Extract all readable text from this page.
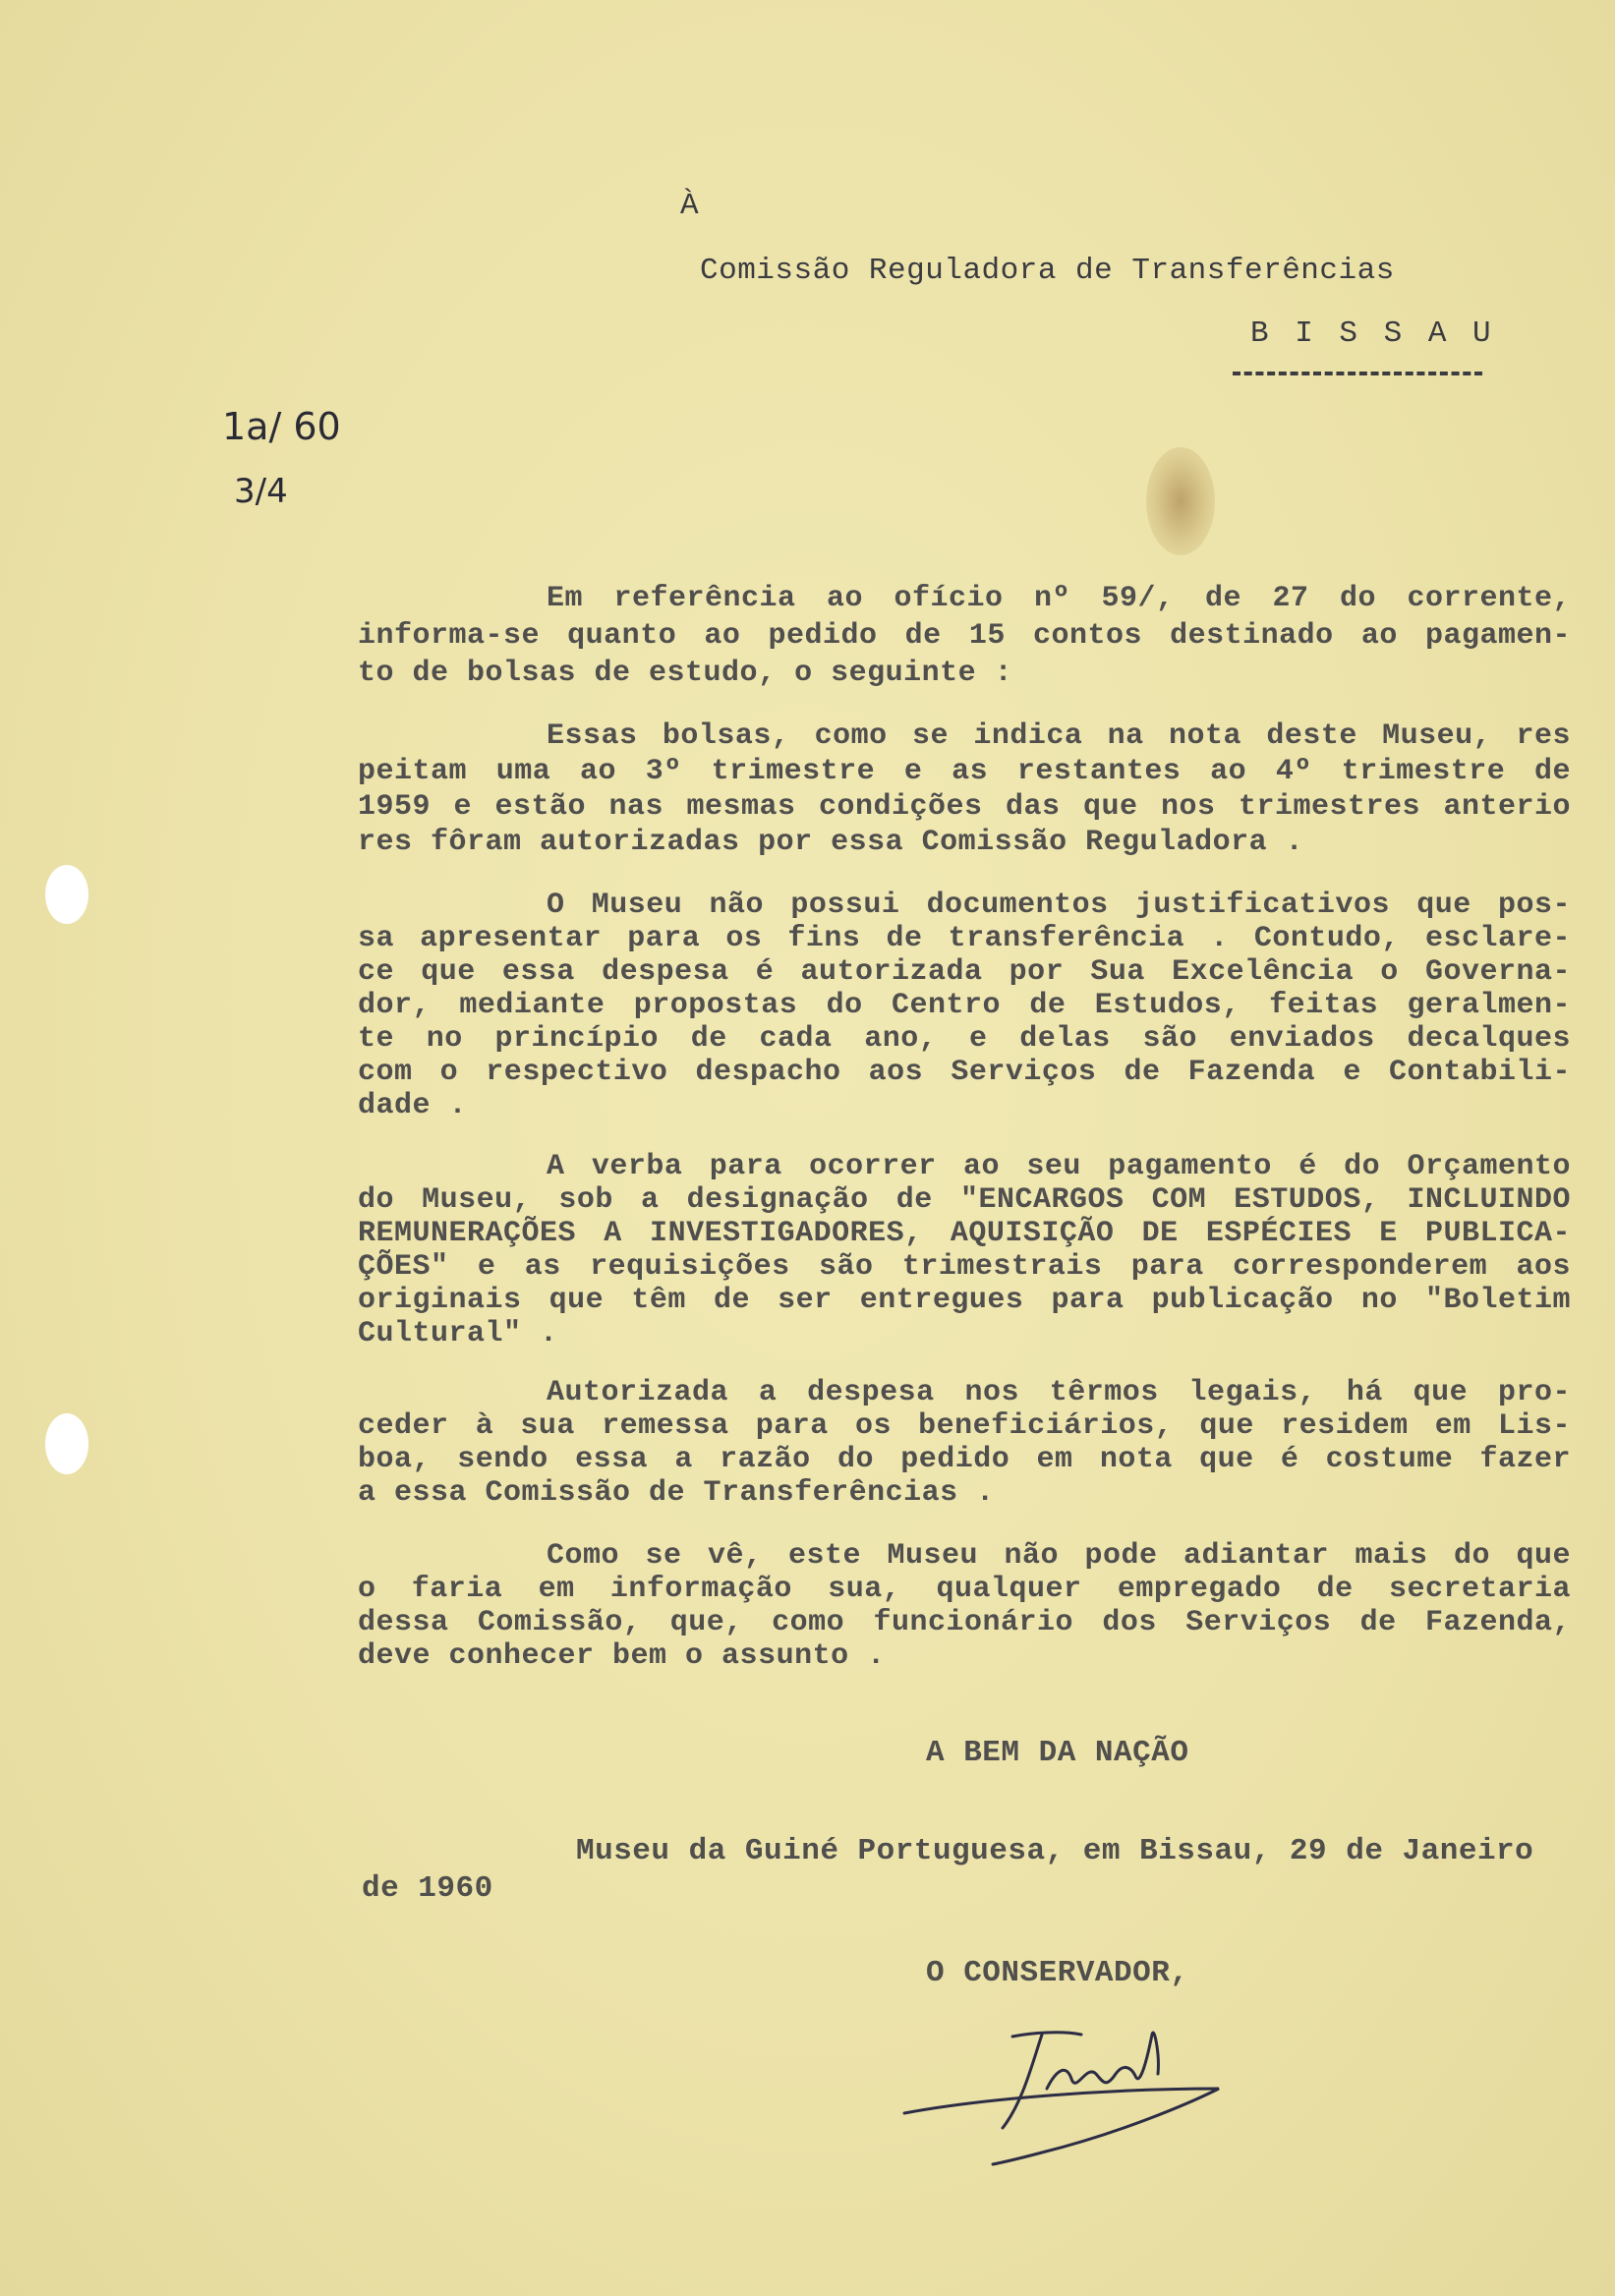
À
Comissão Reguladora de Transferências
B I S S A U
1a/ 60
3/4
Em referência ao ofício nº 59/, de 27 do corrente,
informa-se quanto ao pedido de 15 contos destinado ao pagamen-
to de bolsas de estudo, o seguinte :
Essas bolsas, como se indica na nota deste Museu, res
peitam uma ao 3º trimestre e as restantes ao 4º trimestre de
1959 e estão nas mesmas condições das que nos trimestres anterio
res fôram autorizadas por essa Comissão Reguladora .
O Museu não possui documentos justificativos que pos-
sa apresentar para os fins de transferência . Contudo, esclare-
ce que essa despesa é autorizada por Sua Excelência o Governa-
dor, mediante propostas do Centro de Estudos, feitas geralmen-
te no princípio de cada ano, e delas são enviados decalques
com o respectivo despacho aos Serviços de Fazenda e Contabili-
dade .
A verba para ocorrer ao seu pagamento é do Orçamento
do Museu, sob a designação de "ENCARGOS COM ESTUDOS, INCLUINDO
REMUNERAÇÕES A INVESTIGADORES, AQUISIÇÃO DE ESPÉCIES E PUBLICA-
ÇÕES" e as requisições são trimestrais para corresponderem aos
originais que têm de ser entregues para publicação no "Boletim
Cultural" .
Autorizada a despesa nos têrmos legais, há que pro-
ceder à sua remessa para os beneficiários, que residem em Lis-
boa, sendo essa a razão do pedido em nota que é costume fazer
a essa Comissão de Transferências .
Como se vê, este Museu não pode adiantar mais do que
o faria em informação sua, qualquer empregado de secretaria
dessa Comissão, que, como funcionário dos Serviços de Fazenda,
deve conhecer bem o assunto .
A BEM DA NAÇÃO
Museu da Guiné Portuguesa, em Bissau, 29 de Janeiro
de 1960
O CONSERVADOR,
